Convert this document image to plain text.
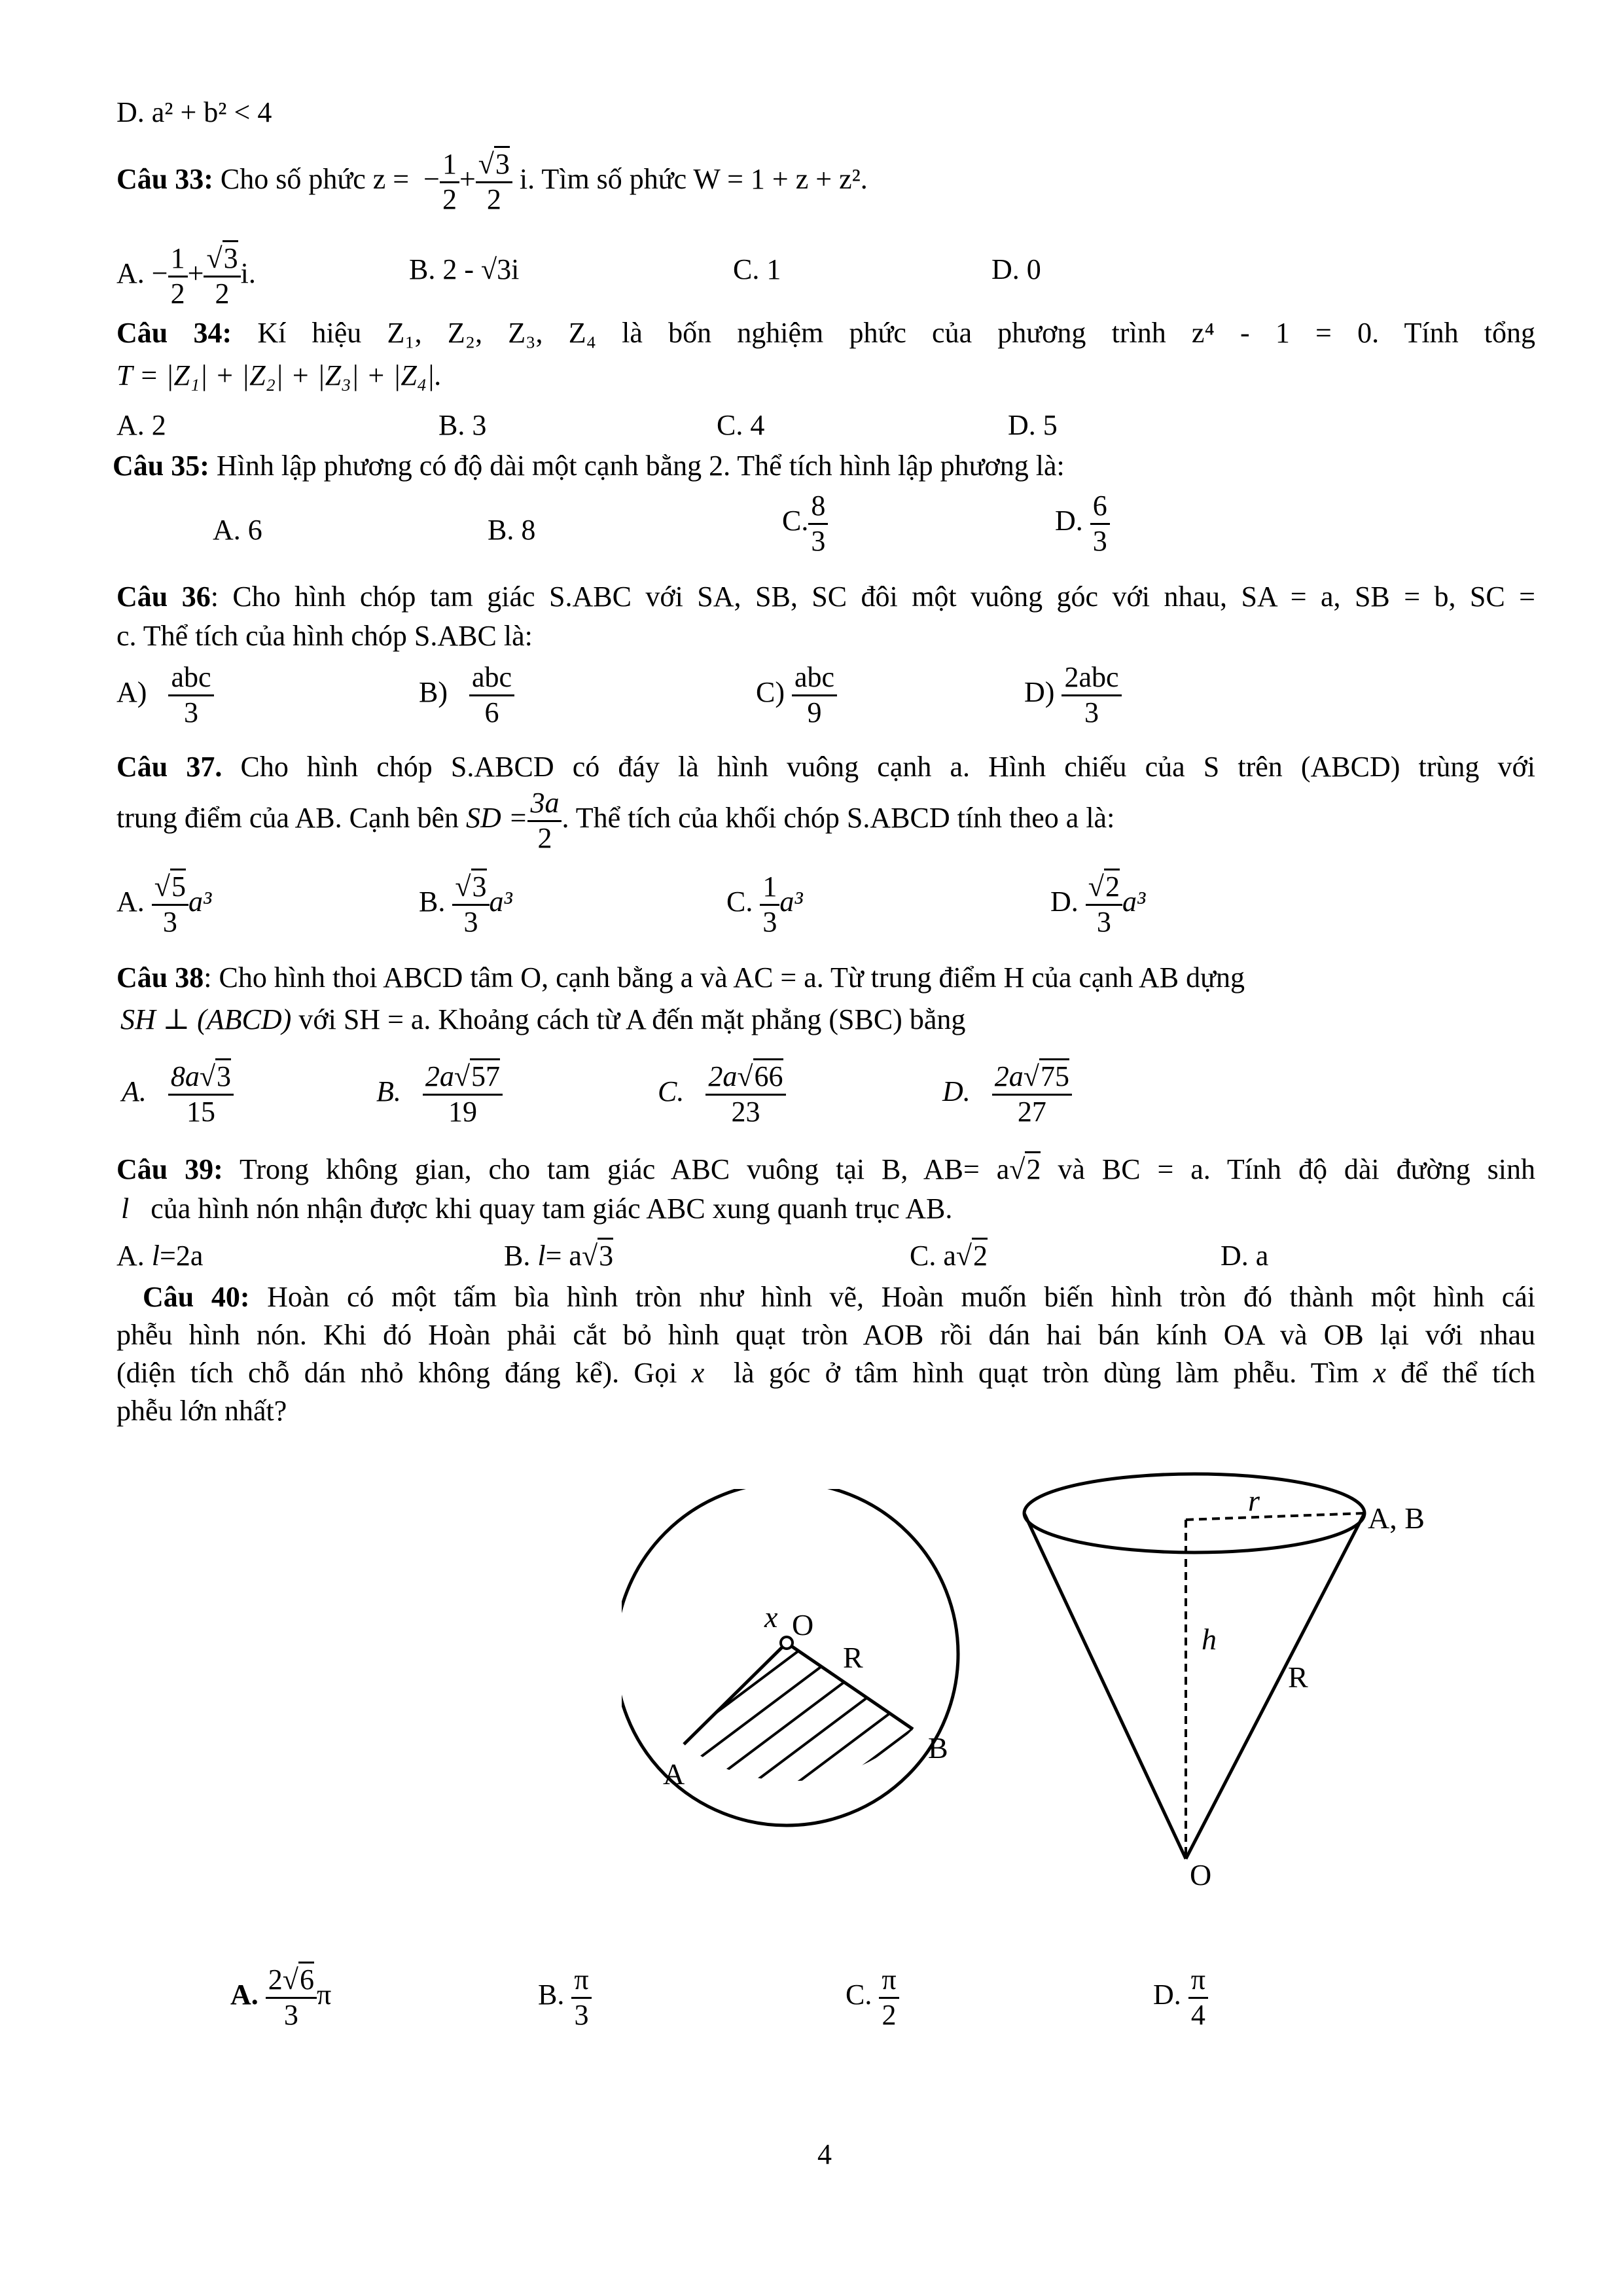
D. a² + b² < 4
Câu 33: Cho số phức z =  − $\frac{1}{2} + \frac{√3}{2} i$. Tìm số phức W = 1 + z + z².
A. − $\frac{1}{2} + \frac{√3}{2} i$.	B. 2 - √3i	C. 1	D. 0
Câu 34: Kí hiệu Z₁, Z₂, Z₃, Z₄ là bốn nghiệm phức của phương trình z⁴ - 1 = 0. Tính tổng
T = |Z₁| + |Z₂| + |Z₃| + |Z₄|.
A. 2	B. 3	C. 4	D. 5
Câu 35: Hình lập phương có độ dài một cạnh bằng 2. Thể tích hình lập phương là:
A. 6	B. 8	C. $\frac{8}{3}$	D. $\frac{6}{3}$
Câu 36: Cho hình chóp tam giác S.ABC với SA, SB, SC đôi một vuông góc với nhau, SA = a, SB = b, SC =
c. Thể tích của hình chóp S.ABC là:
$A) \frac{\text{abc}}{3}$	$B) \frac{\text{abc}}{6}$	$C) \frac{\text{abc}}{9}$	$D) \frac{\text{2abc}}{3}$
Câu 37. Cho hình chóp S.ABCD có đáy là hình vuông cạnh a. Hình chiếu của S trên (ABCD) trùng với
trung điểm của AB. Cạnh bên SD = $\frac{3a}{2}$ . Thể tích của khối chóp S.ABCD tính theo a là:
A. $\frac{√5}{3} a^3$	B. $\frac{√3}{3} a^3$	C. $\frac{1}{3} a^3$	D. $\frac{√2}{3} a^3$
Câu 38: Cho hình thoi ABCD tâm O, cạnh bằng a và AC = a. Từ trung điểm H của cạnh AB dựng
SH ⊥ (ABCD) với SH = a. Khoảng cách từ A đến mặt phẳng (SBC) bằng
A. $\frac{8a√3}{15}$	B. $\frac{2a√57}{19}$	C. $\frac{2a√66}{23}$	D. $\frac{2a√75}{27}$
Câu 39: Trong không gian, cho tam giác ABC vuông tại B, AB= a√2 và BC = a. Tính độ dài đường sinh
l của hình nón nhận được khi quay tam giác ABC xung quanh trục AB.
A. l=2a	B. l= a√3	C. a√2	D. a
Câu 40: Hoàn có một tấm bìa hình tròn như hình vẽ, Hoàn muốn biến hình tròn đó thành một hình cái
phễu hình nón. Khi đó Hoàn phải cắt bỏ hình quạt tròn AOB rồi dán hai bán kính OA và OB lại với nhau
(diện tích chỗ dán nhỏ không đáng kể). Gọi x là góc ở tâm hình quạt tròn dùng làm phễu. Tìm x để thể tích
phễu lớn nhất?
x O
R
A
B
r
A, B
h
R
O
A. $\frac{2√6}{3}$ π	B. $\frac{\pi}{3}$	C. $\frac{\pi}{2}$	D. $\frac{\pi}{4}$
4
